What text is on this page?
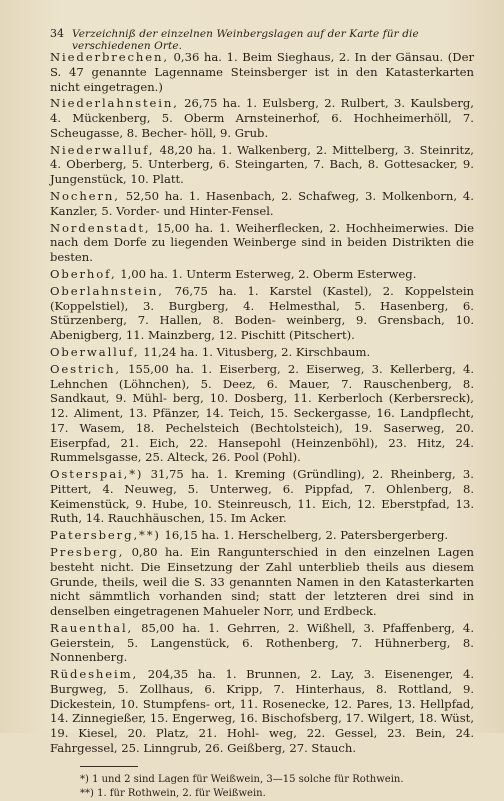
34 Verzeichniß der einzelnen Weinbergslagen auf der Karte für die verschiedenen Orte.

Niederbrechen, 0,36 ha. 1. Beim Sieghaus, 2. In der Gänsau. (Der S. 47 genannte Lagenname Steinsberger ist in den Katasterkarten nicht eingetragen.)

Niederlahnstein, 26,75 ha. 1. Eulsberg, 2. Rulbert, 3. Kaulsberg, 4. Mückenberg, 5. Oberm Arnsteinerhof, 6. Hochheimerhöll, 7. Scheugasse, 8. Becher- höll, 9. Grub.

Niederwalluf, 48,20 ha. 1. Walkenberg, 2. Mittelberg, 3. Steinritz, 4. Oberberg, 5. Unterberg, 6. Steingarten, 7. Bach, 8. Gottesacker, 9. Jungenstück, 10. Platt.

Nochern, 52,50 ha. 1. Hasenbach, 2. Schafweg, 3. Molkenborn, 4. Kanzler, 5. Vorder- und Hinter-Fensel.

Nordenstadt, 15,00 ha. 1. Weiherflecken, 2. Hochheimerwies. Die nach dem Dorfe zu liegenden Weinberge sind in beiden Distrikten die besten.

Oberhof, 1,00 ha. 1. Unterm Esterweg, 2. Oberm Esterweg.

Oberlahnstein, 76,75 ha. 1. Karstel (Kastel), 2. Koppelstein (Koppelstiel), 3. Burgberg, 4. Helmesthal, 5. Hasenberg, 6. Stürzenberg, 7. Hallen, 8. Boden- weinberg, 9. Grensbach, 10. Abenigberg, 11. Mainzberg, 12. Pischitt (Pitschert).

Oberwalluf, 11,24 ha. 1. Vitusberg, 2. Kirschbaum.

Oestrich, 155,00 ha. 1. Eiserberg, 2. Eiserweg, 3. Kellerberg, 4. Lehnchen (Löhnchen), 5. Deez, 6. Mauer, 7. Rauschenberg, 8. Sandkaut, 9. Mühl- berg, 10. Dosberg, 11. Kerberloch (Kerbersreck), 12. Aliment, 13. Pfänzer, 14. Teich, 15. Seckergasse, 16. Landpflecht, 17. Wasem, 18. Pechelsteich (Bechtolsteich), 19. Saserweg, 20. Eiserpfad, 21. Eich, 22. Hansepohl (Heinzenböhl), 23. Hitz, 24. Rummelsgasse, 25. Alteck, 26. Pool (Pohl).

Osterspai,*) 31,75 ha. 1. Kreming (Gründling), 2. Rheinberg, 3. Pittert, 4. Neuweg, 5. Unterweg, 6. Pippfad, 7. Ohlenberg, 8. Keimenstück, 9. Hube, 10. Steinreusch, 11. Eich, 12. Eberstpfad, 13. Ruth, 14. Rauchhäuschen, 15. Im Acker.

Patersberg,**) 16,15 ha. 1. Herschelberg, 2. Patersbergerberg.

Presberg, 0,80 ha. Ein Rangunterschied in den einzelnen Lagen besteht nicht. Die Einsetzung der Zahl unterblieb theils aus diesem Grunde, theils, weil die S. 33 genannten Namen in den Katasterkarten nicht sämmtlich vorhanden sind; statt der letzteren drei sind in denselben eingetragenen Mahueler Norr, und Erdbeck.

Rauenthal, 85,00 ha. 1. Gehrren, 2. Wißhell, 3. Pfaffenberg, 4. Geierstein, 5. Langenstück, 6. Rothenberg, 7. Hühnerberg, 8. Nonnenberg.

Rüdesheim, 204,35 ha. 1. Brunnen, 2. Lay, 3. Eisenenger, 4. Burgweg, 5. Zollhaus, 6. Kripp, 7. Hinterhaus, 8. Rottland, 9. Dickestein, 10. Stumpfens- ort, 11. Rosenecke, 12. Pares, 13. Hellpfad, 14. Zinnegießer, 15. Engerweg, 16. Bischofsberg, 17. Wilgert, 18. Wüst, 19. Kiesel, 20. Platz, 21. Hohl- weg, 22. Gessel, 23. Bein, 24. Fahrgessel, 25. Linngrub, 26. Geißberg, 27. Stauch.

*) 1 und 2 sind Lagen für Weißwein, 3—15 solche für Rothwein.

**) 1. für Rothwein, 2. für Weißwein.
